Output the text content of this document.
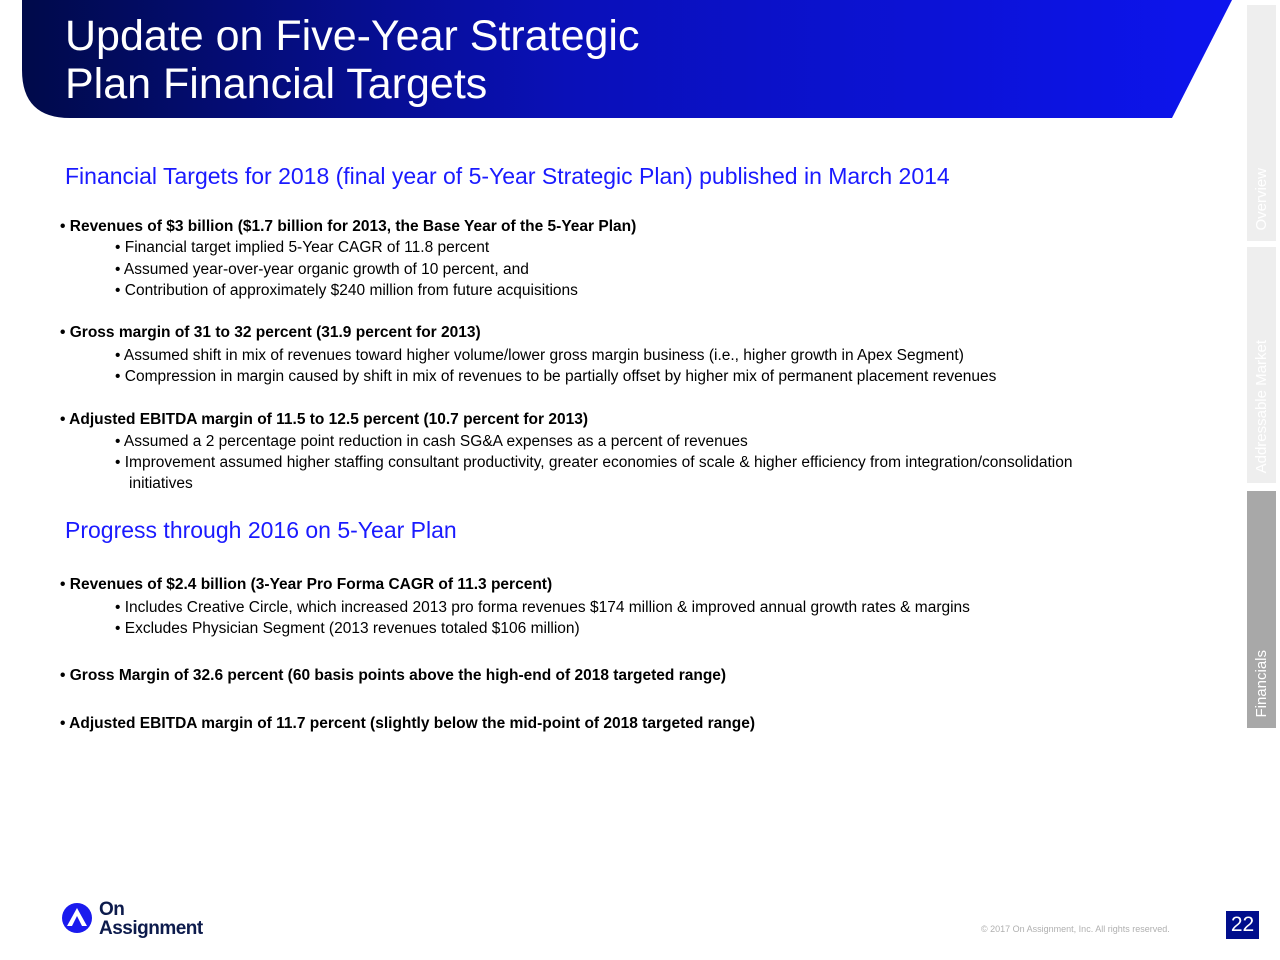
Update on Five-Year Strategic
Plan Financial Targets
Overview
Addressable Market
Financials
Financial Targets for 2018 (final year of 5-Year Strategic Plan) published in March 2014
• Revenues of $3 billion ($1.7 billion for 2013, the Base Year of the 5-Year Plan)
• Financial target implied 5-Year CAGR of 11.8 percent
• Assumed year-over-year organic growth of 10 percent, and
• Contribution of approximately $240 million from future acquisitions
• Gross margin of 31 to 32 percent (31.9 percent for 2013)
• Assumed shift in mix of revenues toward higher volume/lower gross margin business (i.e., higher growth in Apex Segment)
• Compression in margin caused by shift in mix of revenues to be partially offset by higher mix of permanent placement revenues
• Adjusted EBITDA margin of 11.5 to 12.5 percent (10.7 percent for 2013)
• Assumed a 2 percentage point reduction in cash SG&A expenses as a percent of revenues
• Improvement assumed higher staffing consultant productivity, greater economies of scale & higher efficiency from integration/consolidation
initiatives
Progress through 2016 on 5-Year Plan
• Revenues of $2.4 billion (3-Year Pro Forma CAGR of 11.3 percent)
• Includes Creative Circle, which increased 2013 pro forma revenues $174 million & improved annual growth rates & margins
• Excludes Physician Segment (2013 revenues totaled $106 million)
• Gross Margin of 32.6 percent (60 basis points above the high-end of 2018 targeted range)
• Adjusted EBITDA margin of 11.7 percent (slightly below the mid-point of 2018 targeted range)
On
Assignment	© 2017 On Assignment, Inc. All rights reserved.	22
